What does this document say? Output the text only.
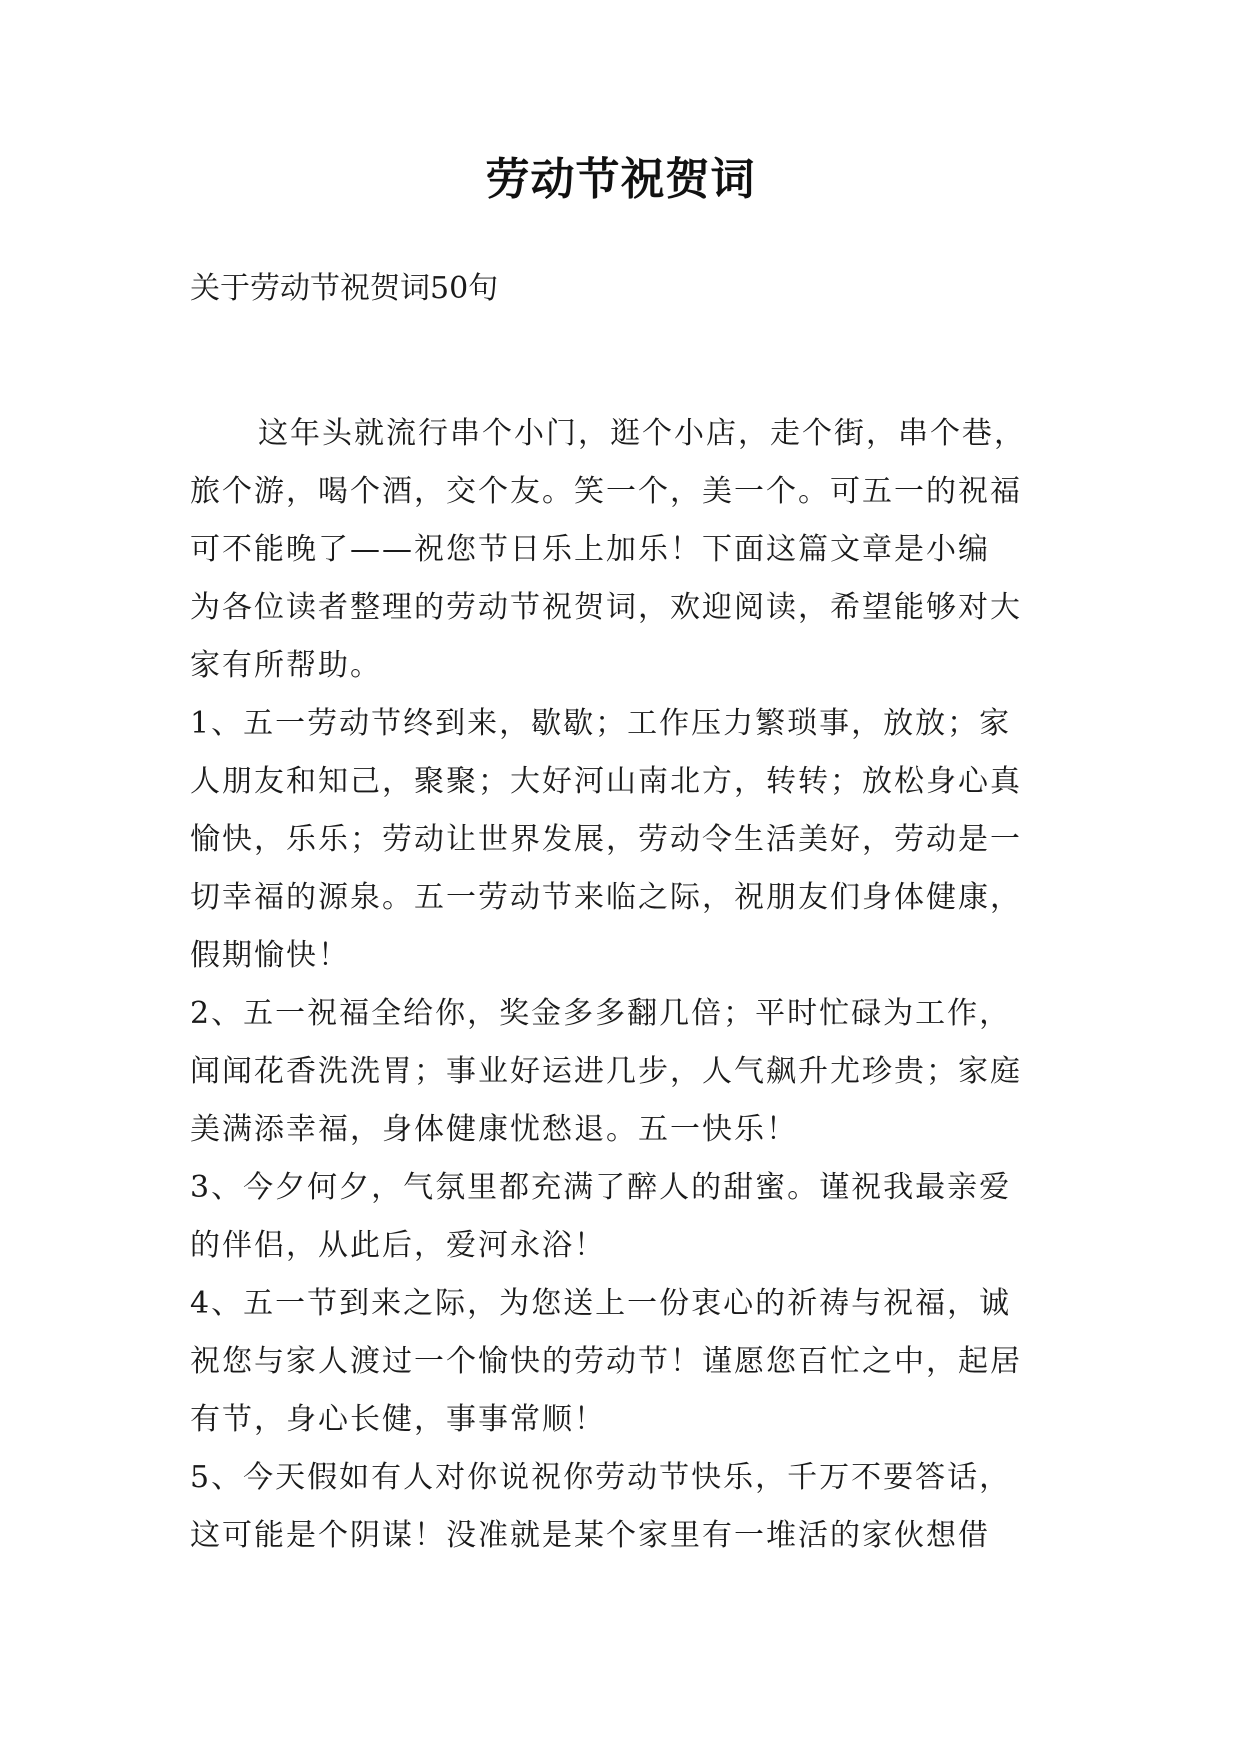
劳动节祝贺词
关于劳动节祝贺词50句
这年头就流行串个小门，逛个小店，走个街，串个巷，
旅个游，喝个酒，交个友。笑一个，美一个。可五一的祝福
可不能晚了——祝您节日乐上加乐！下面这篇文章是小编
为各位读者整理的劳动节祝贺词，欢迎阅读，希望能够对大
家有所帮助。
1、五一劳动节终到来，歇歇；工作压力繁琐事，放放；家
人朋友和知己，聚聚；大好河山南北方，转转；放松身心真
愉快，乐乐；劳动让世界发展，劳动令生活美好，劳动是一
切幸福的源泉。五一劳动节来临之际，祝朋友们身体健康，
假期愉快！
2、五一祝福全给你，奖金多多翻几倍；平时忙碌为工作，
闻闻花香洗洗胃；事业好运进几步，人气飙升尤珍贵；家庭
美满添幸福，身体健康忧愁退。五一快乐！
3、今夕何夕，气氛里都充满了醉人的甜蜜。谨祝我最亲爱
的伴侣，从此后，爱河永浴！
4、五一节到来之际，为您送上一份衷心的祈祷与祝福，诚
祝您与家人渡过一个愉快的劳动节！谨愿您百忙之中，起居
有节，身心长健，事事常顺！
5、今天假如有人对你说祝你劳动节快乐，千万不要答话，
这可能是个阴谋！没准就是某个家里有一堆活的家伙想借
